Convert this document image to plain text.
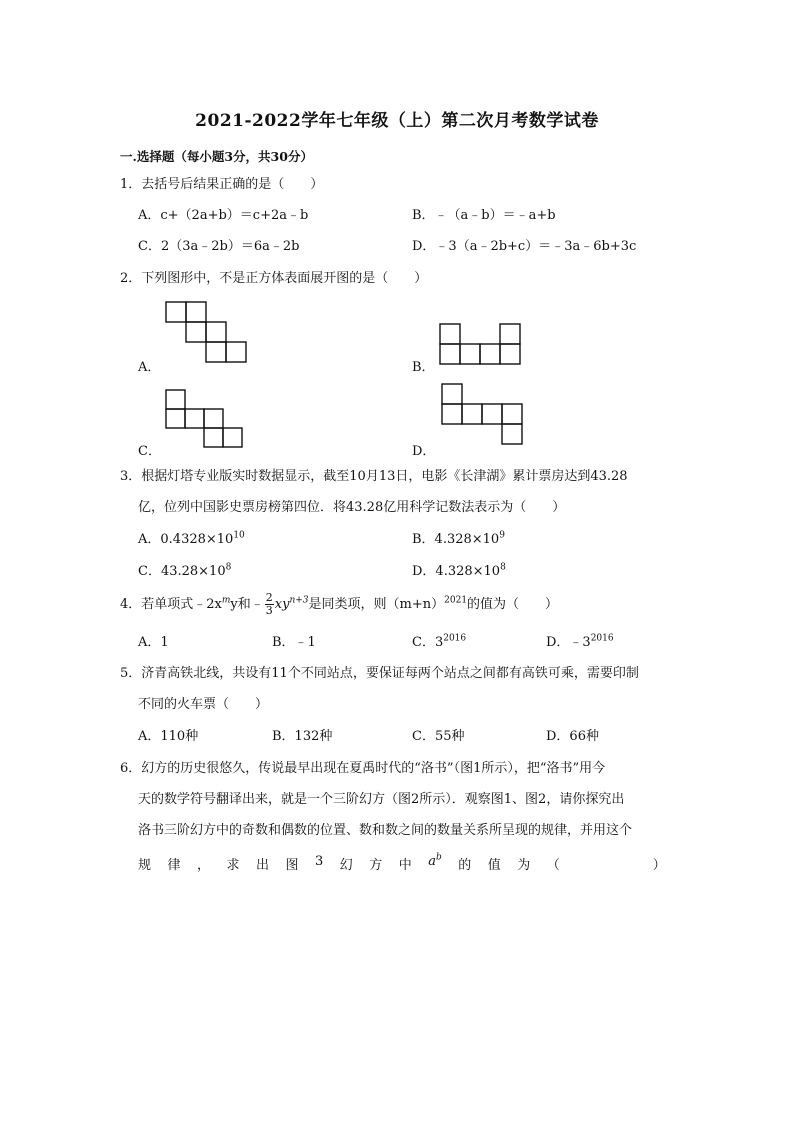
2021-2022学年七年级（上）第二次月考数学试卷
一.选择题（每小题3分，共30分）
1．去括号后结果正确的是（　　）
A．c+（2a+b）＝c+2a﹣b	B．﹣（a﹣b）＝﹣a+b
C．2（3a﹣2b）＝6a﹣2b	D．﹣3（a﹣2b+c）＝﹣3a﹣6b+3c
2．下列图形中，不是正方体表面展开图的是（　　）
A．	B．
C．	D．
3．根据灯塔专业版实时数据显示，截至10月13日，电影《长津湖》累计票房达到43.28
亿，位列中国影史票房榜第四位．将43.28亿用科学记数法表示为（　　）
A．$0.4328\times 10^{10}$	B．$4.328\times 10^9$
C．$43.28\times 10^8$	D．$4.328\times 10^8$
4．若单项式$﹣2x^my$和﹣ $\frac{2}{3} xy^{n+3}$是同类项，则$(m+n)^{2021}$的值为（　　）
A．1	B．﹣1	C．$3^{2016}$	D．$﹣3^{2016}$
5．济青高铁北线，共设有11个不同站点，要保证每两个站点之间都有高铁可乘，需要印制
不同的火车票（　　）
A．110种	B．132种	C．55种	D．66种
6．幻方的历史很悠久，传说最早出现在夏禹时代的“洛书”（图1所示），把“洛书”用今
天的数学符号翻译出来，就是一个三阶幻方（图2所示）．观察图1、图2，请你探究出
洛书三阶幻方中的奇数和偶数的位置、数和数之间的数量关系所呈现的规律，并用这个
规 律 ， 求 出 图 3 幻 方 中 $a^b$
的 值 为 （	）
